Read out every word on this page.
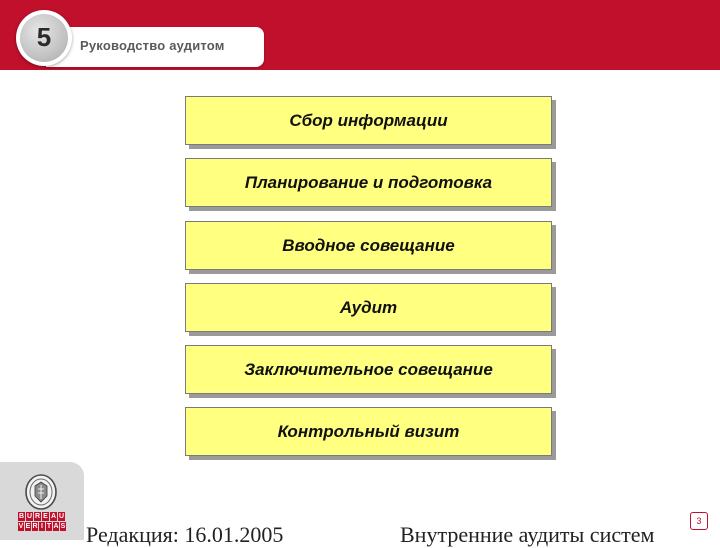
Руководство аудитом
5
Сбор информации
Планирование и подготовка
Вводное совещание
Аудит
Заключительное совещание
Контрольный визит
B U R E A U
V E R I T A S Редакция: 16.01.2005	Внутренние аудиты систем
3
